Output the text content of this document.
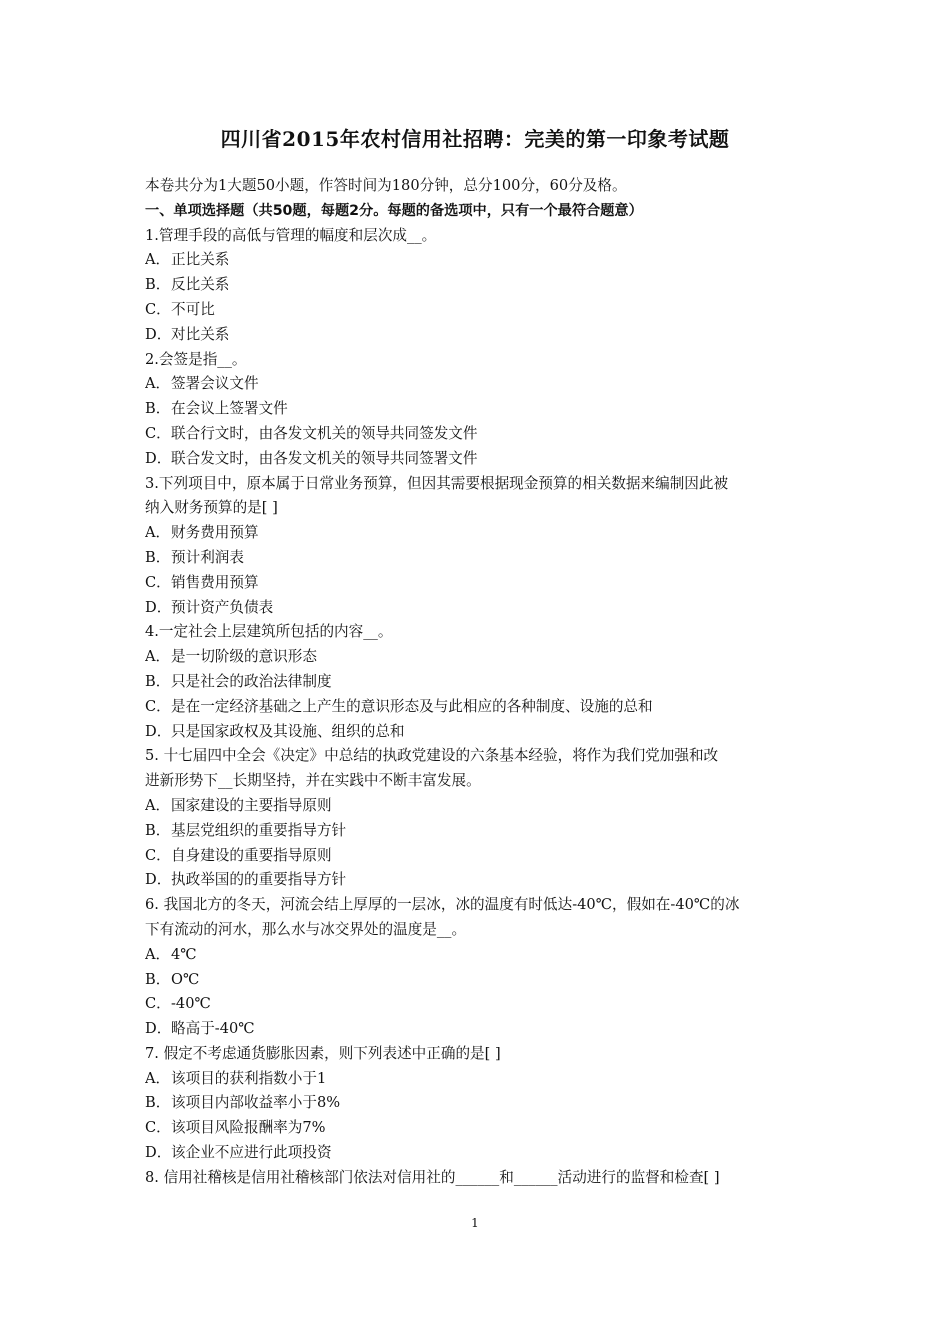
四川省2015年农村信用社招聘：完美的第一印象考试题
本卷共分为1大题50小题，作答时间为180分钟，总分100分，60分及格。
一、单项选择题（共50题，每题2分。每题的备选项中，只有一个最符合题意）
1.管理手段的高低与管理的幅度和层次成__。
A．正比关系
B．反比关系
C．不可比
D．对比关系
2.会签是指__。
A．签署会议文件
B．在会议上签署文件
C．联合行文时，由各发文机关的领导共同签发文件
D．联合发文时，由各发文机关的领导共同签署文件
3.下列项目中，原本属于日常业务预算，但因其需要根据现金预算的相关数据来编制因此被
纳入财务预算的是[ ]
A．财务费用预算
B．预计利润表
C．销售费用预算
D．预计资产负债表
4.一定社会上层建筑所包括的内容__。
A．是一切阶级的意识形态
B．只是社会的政治法律制度
C．是在一定经济基础之上产生的意识形态及与此相应的各种制度、设施的总和
D．只是国家政权及其设施、组织的总和
5. 十七届四中全会《决定》中总结的执政党建设的六条基本经验，将作为我们党加强和改
进新形势下__长期坚持，并在实践中不断丰富发展。
A．国家建设的主要指导原则
B．基层党组织的重要指导方针
C．自身建设的重要指导原则
D．执政举国的的重要指导方针
6. 我国北方的冬天，河流会结上厚厚的一层冰，冰的温度有时低达-40℃，假如在-40℃的冰
下有流动的河水，那么水与冰交界处的温度是__。
A．4℃
B．O℃
C．-40℃
D．略高于-40℃
7. 假定不考虑通货膨胀因素，则下列表述中正确的是[ ]
A．该项目的获利指数小于1
B．该项目内部收益率小于8%
C．该项目风险报酬率为7%
D．该企业不应进行此项投资
8. 信用社稽核是信用社稽核部门依法对信用社的______和______活动进行的监督和检查[ ]
1
